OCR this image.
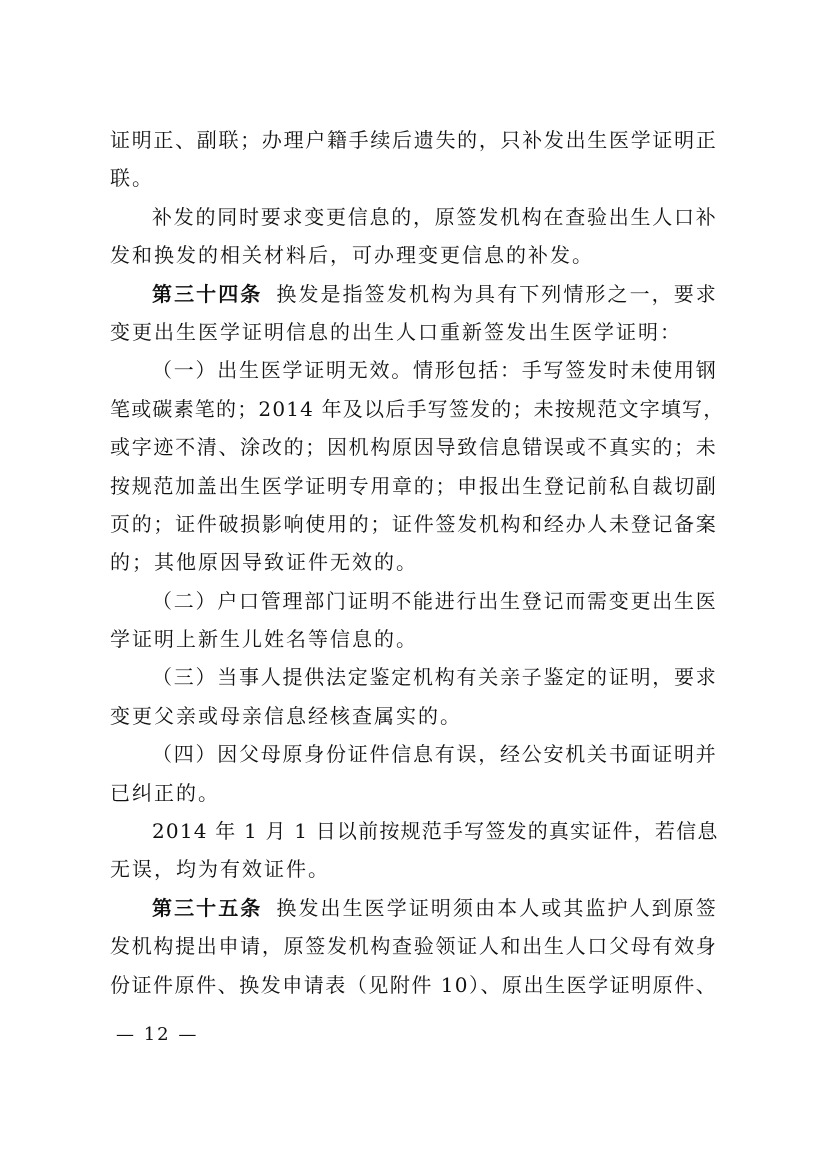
证明正、副联；办理户籍手续后遗失的，只补发出生医学证明正
联。
补发的同时要求变更信息的，原签发机构在查验出生人口补
发和换发的相关材料后，可办理变更信息的补发。
第三十四条 换发是指签发机构为具有下列情形之一，要求
变更出生医学证明信息的出生人口重新签发出生医学证明：
（一）出生医学证明无效。情形包括：手写签发时未使用钢
笔或碳素笔的；2014 年及以后手写签发的；未按规范文字填写，
或字迹不清、涂改的；因机构原因导致信息错误或不真实的；未
按规范加盖出生医学证明专用章的；申报出生登记前私自裁切副
页的；证件破损影响使用的；证件签发机构和经办人未登记备案
的；其他原因导致证件无效的。
（二）户口管理部门证明不能进行出生登记而需变更出生医
学证明上新生儿姓名等信息的。
（三）当事人提供法定鉴定机构有关亲子鉴定的证明，要求
变更父亲或母亲信息经核查属实的。
（四）因父母原身份证件信息有误，经公安机关书面证明并
已纠正的。
2014 年 1 月 1 日以前按规范手写签发的真实证件，若信息
无误，均为有效证件。
第三十五条 换发出生医学证明须由本人或其监护人到原签
发机构提出申请，原签发机构查验领证人和出生人口父母有效身
份证件原件、换发申请表（见附件 10）、原出生医学证明原件、
— 12 —
